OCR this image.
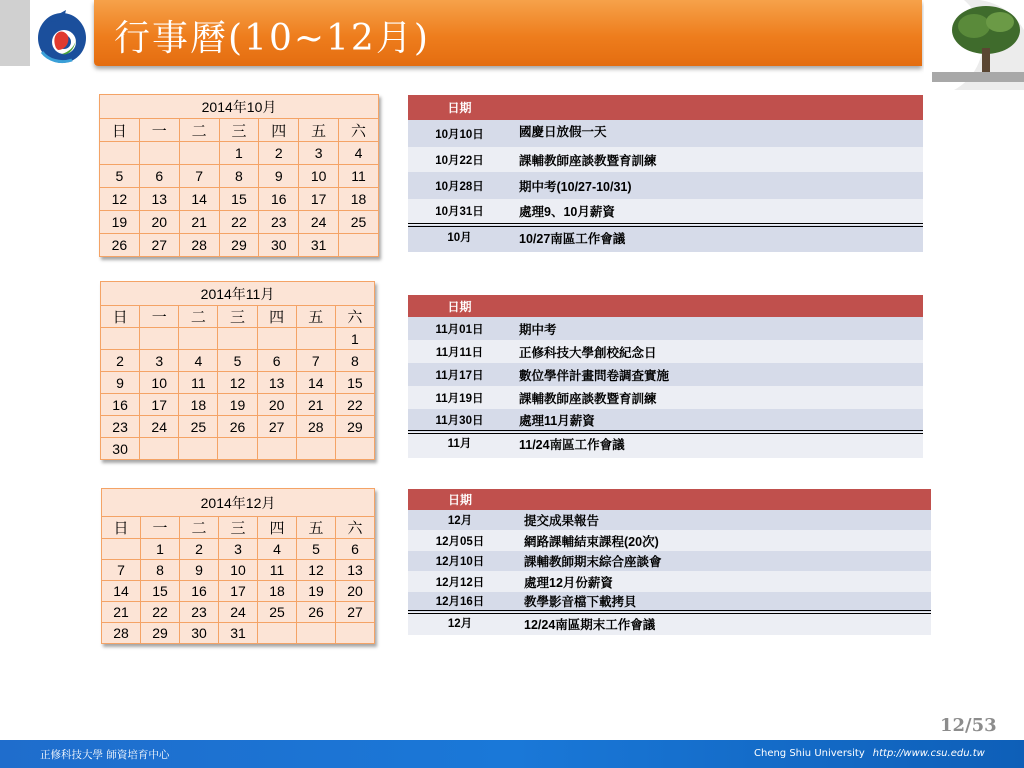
行事曆(10~12月)
2014年10月						
日	一	二	三	四	五	六
			1	2	3	4
5	6	7	8	9	10	11
12	13	14	15	16	17	18
19	20	21	22	23	24	25
26	27	28	29	30	31	
2014年11月						
日	一	二	三	四	五	六
						1
2	3	4	5	6	7	8
9	10	11	12	13	14	15
16	17	18	19	20	21	22
23	24	25	26	27	28	29
30						
2014年12月						
日	一	二	三	四	五	六
	1	2	3	4	5	6
7	8	9	10	11	12	13
14	15	16	17	18	19	20
21	22	23	24	25	26	27
28	29	30	31			
日期	
10月10日	國慶日放假一天
10月22日	課輔教師座談教暨育訓練
10月28日	期中考(10/27-10/31)
10月31日	處理9、10月薪資
10月	10/27南區工作會議
日期	
11月01日	期中考
11月11日	正修科技大學創校紀念日
11月17日	數位學伴計畫問卷調查實施
11月19日	課輔教師座談教暨育訓練
11月30日	處理11月薪資
11月	11/24南區工作會議
日期	
12月	提交成果報告
12月05日	網路課輔結束課程(20次)
12月10日	課輔教師期末綜合座談會
12月12日	處理12月份薪資
12月16日	教學影音檔下載拷貝
12月	12/24南區期末工作會議
12/53
正修科技大學 師資培育中心	Cheng Shiu University http://www.csu.edu.tw
